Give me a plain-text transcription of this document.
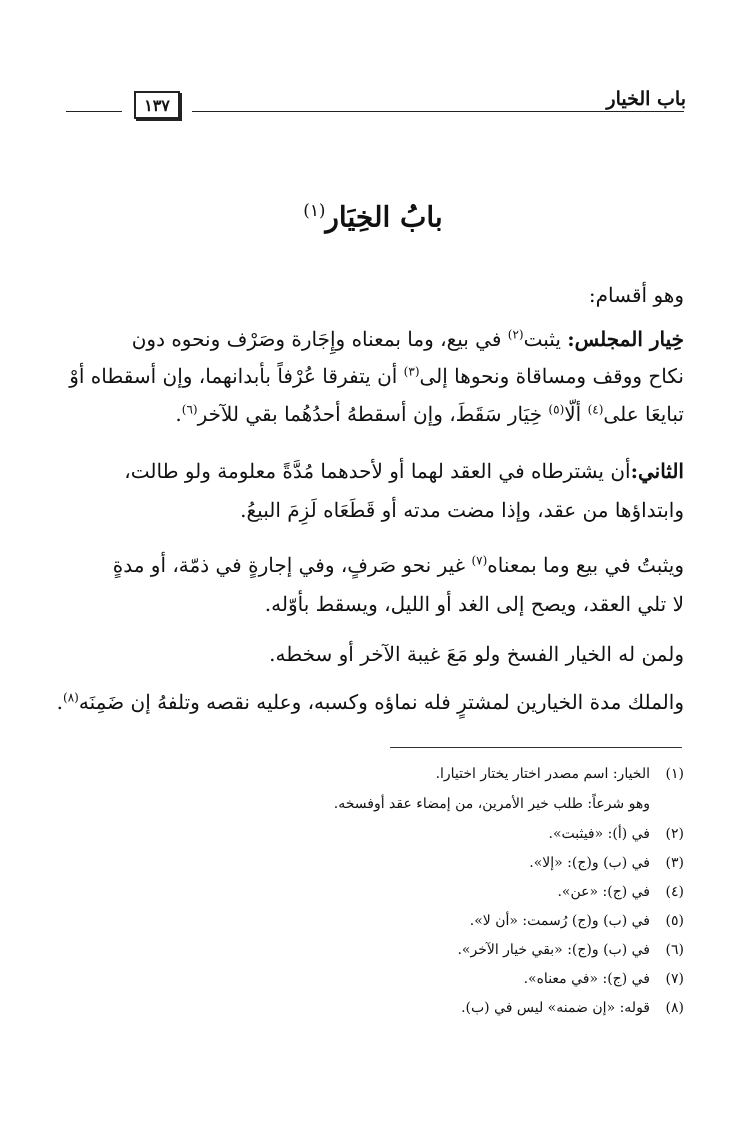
باب الخيار
١٣٧
بابُ الخِيَار$^{(١)}$
وهو أقسام:
خِيار المجلس: يثبت$^{(٢)}$ في بيع، وما بمعناه وإِجَارة وصَرْف ونحوه دون
نكاح ووقف ومساقاة ونحوها إلى$^{(٣)}$ أن يتفرقا عُرْفاً بأبدانهما، وإن أسقطاه أوْ
تبايعَا على$^{(٤)}$ ألّا$^{(٥)}$ خِيَار سَقَطَ، وإن أسقطهُ أحدُهُما بقي للآخر$^{(٦)}$.
الثاني:أن يشترطاه في العقد لهما أو لأحدهما مُدَّةً معلومة ولو طالت،
وابتداؤها من عقد، وإذا مضت مدته أو قَطَعَاه لَزِمَ البيعُ.
ويثبتُ في بيع وما بمعناه$^{(٧)}$ غير نحو صَرفٍ، وفي إجارةٍ في ذمّة، أو مدةٍ
لا تلي العقد، ويصح إلى الغد أو الليل، ويسقط بأوّله.
ولمن له الخيار الفسخ ولو مَعَ غيبة الآخر أو سخطه.
والملك مدة الخيارين لمشترٍ فله نماؤه وكسبه، وعليه نقصه وتلفهُ إن ضَمِنَه$^{(٨)}$.
(١)الخيار: اسم مصدر اختار يختار اختيارا.
وهو شرعاً: طلب خير الأمرين، من إمضاء عقد أوفسخه.
(٢)في (أ): «فيثبت».
(٣)في (ب) و(ج): «إلا».
(٤)في (ج): «عن».
(٥)في (ب) و(ج) رُسمت: «أن لا».
(٦)في (ب) و(ج): «بقي خيار الآخر».
(٧)في (ج): «في معناه».
(٨)قوله: «إن ضمنه» ليس في (ب).
